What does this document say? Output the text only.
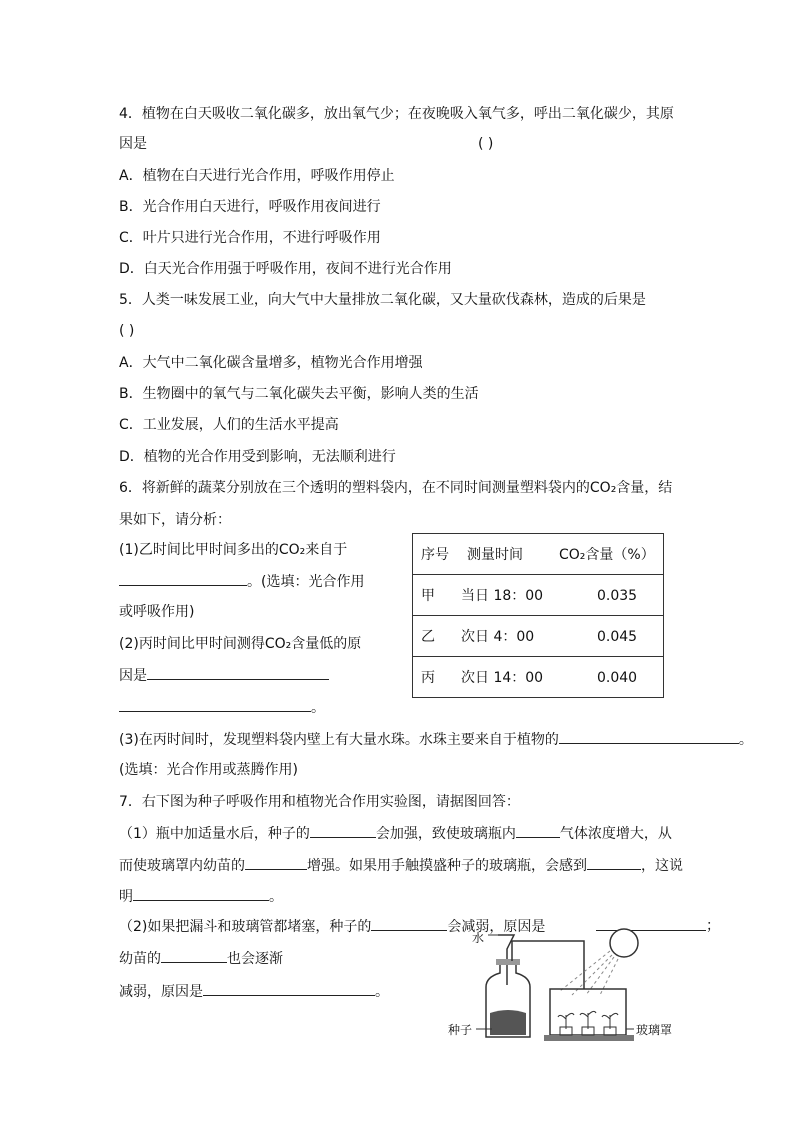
4．植物在白天吸收二氧化碳多，放出氧气少；在夜晚吸入氧气多，呼出二氧化碳少，其原
因是	( )
A．植物在白天进行光合作用，呼吸作用停止
B．光合作用白天进行，呼吸作用夜间进行
C．叶片只进行光合作用，不进行呼吸作用
D．白天光合作用强于呼吸作用，夜间不进行光合作用
5．人类一味发展工业，向大气中大量排放二氧化碳，又大量砍伐森林，造成的后果是
( )
A．大气中二氧化碳含量增多，植物光合作用增强
B．生物圈中的氧气与二氧化碳失去平衡，影响人类的生活
C．工业发展，人们的生活水平提高
D．植物的光合作用受到影响，无法顺利进行
6．将新鲜的蔬菜分别放在三个透明的塑料袋内，在不同时间测量塑料袋内的CO₂含量，结
果如下，请分析：
(1)乙时间比甲时间多出的CO₂来自于
。(选填：光合作用
或呼吸作用)
(2)丙时间比甲时间测得CO₂含量低的原
因是
。
序号 测量时间	CO₂含量（%）
甲 当日 18：00	0.035
乙 次日 4：00	0.045
丙 次日 14：00	0.040
(3)在丙时间时，发现塑料袋内壁上有大量水珠。水珠主要来自于植物的	。
(选填：光合作用或蒸腾作用)
7．右下图为种子呼吸作用和植物光合作用实验图，请据图回答：
（1）瓶中加适量水后，种子的	会加强，致使玻璃瓶内	气体浓度增大，从
而使玻璃罩内幼苗的	增强。如果用手触摸盛种子的玻璃瓶，会感到	，这说
明	。
（2)如果把漏斗和玻璃管都堵塞，种子的	会减弱，原因是	；
幼苗的	也会逐渐
减弱，原因是	。
水
种子	玻璃罩
